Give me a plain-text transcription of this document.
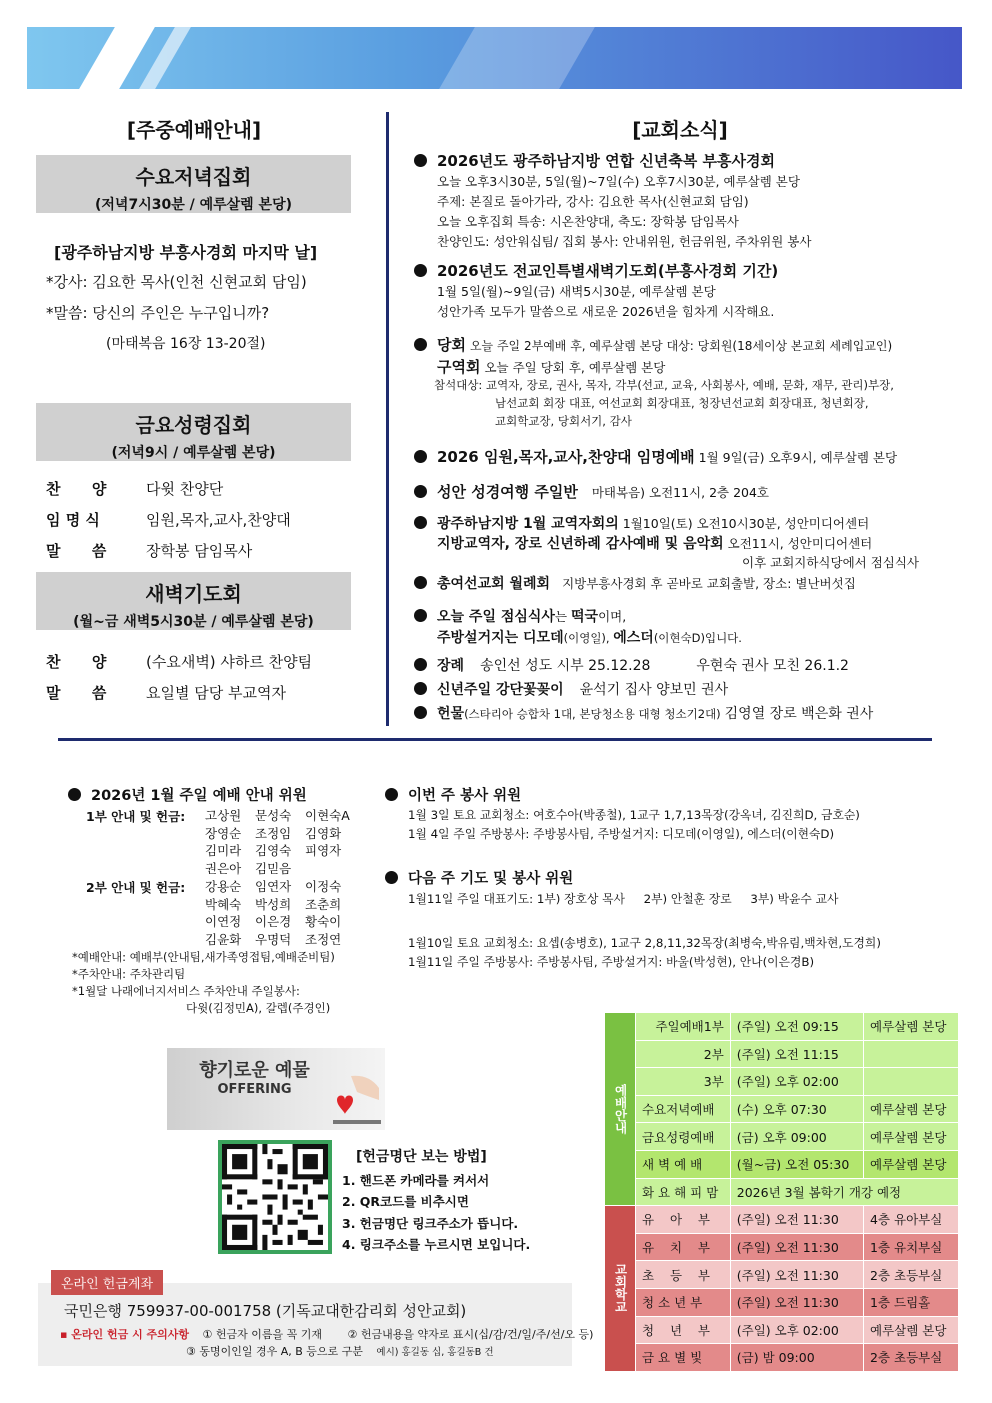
[주중예배안내]
수요저녁집회
(저녁7시30분 / 예루살렘 본당)
[광주하남지방 부흥사경회 마지막 날]
*강사: 김요한 목사(인천 신현교회 담임)
*말씀: 당신의 주인은 누구입니까?
(마태복음 16장 13-20절)
금요성령집회
(저녁9시 / 예루살렘 본당)
찬      양	다윗 찬양단
임 명 식	임원,목자,교사,찬양대
말      씀	장학봉 담임목사
새벽기도회
(월~금 새벽5시30분 / 예루살렘 본당)
찬      양	(수요새벽) 샤하르 찬양팀
말      씀	요일별 담당 부교역자
[교회소식]
2026년도 광주하남지방 연합 신년축복 부흥사경회
오늘 오후3시30분, 5일(월)~7일(수) 오후7시30분, 예루살렘 본당
주제: 본질로 돌아가라, 강사: 김요한 목사(신현교회 담임)
오늘 오후집회 특송: 시온찬양대, 축도: 장학봉 담임목사
찬양인도: 성안워십팀/ 집회 봉사: 안내위원, 헌금위원, 주차위원 봉사
2026년도 전교인특별새벽기도회(부흥사경회 기간)
1월 5일(월)~9일(금) 새벽5시30분, 예루살렘 본당
성안가족 모두가 말씀으로 새로운 2026년을 힘차게 시작해요.
당회 오늘 주일 2부예배 후, 예루살렘 본당 대상: 당회원(18세이상 본교회 세례입교인)
구역회 오늘 주일 당회 후, 예루살렘 본당
참석대상: 교역자, 장로, 권사, 목자, 각부(선교, 교육, 사회봉사, 예배, 문화, 재무, 관리)부장,
남선교회 회장 대표, 여선교회 회장대표, 청장년선교회 회장대표, 청년회장,
교회학교장, 당회서기, 감사
2026 임원,목자,교사,찬양대 임명예배 1월 9일(금) 오후9시, 예루살렘 본당
성안 성경여행 주일반 마태복음) 오전11시, 2층 204호
광주하남지방 1월 교역자회의 1월10일(토) 오전10시30분, 성안미디어센터
지방교역자, 장로 신년하례 감사예배 및 음악회 오전11시, 성안미디어센터
이후 교회지하식당에서 점심식사
총여선교회 월례회 지방부흥사경회 후 곧바로 교회출발, 장소: 별난버섯집
오늘 주일 점심식사는 떡국이며,
주방설거지는 디모데(이영일), 에스더(이현숙D)입니다.
장례 송인선 성도 시부 25.12.28	우현숙 권사 모친 26.1.2
신년주일 강단꽃꽂이 윤석기 집사 양보민 권사
헌물(스타리아 승합차 1대, 본당청소용 대형 청소기2대) 김영열 장로 백은화 권사
2026년 1월 주일 예배 안내 위원
1부 안내 및 헌금: 고상원 문성숙 이현숙A
장영순 조정임 김영화
김미라 김영숙 피영자
권은아 김믿음
2부 안내 및 헌금: 강용순 임연자 이정숙
박혜숙 박성희 조춘희
이연정 이은경 황숙이
김윤화 우명덕 조정연
*예배안내: 예배부(안내팀,새가족영접팀,예배준비팀)
*주차안내: 주차관리팀
*1월달 나래에너지서비스 주차안내 주일봉사:
다윗(김정민A), 갈렙(주경인)
이번 주 봉사 위원
1월 3일 토요 교회청소: 여호수아(박종철), 1교구 1,7,13목장(강옥녀, 김진희D, 금호순)
1월 4일 주일 주방봉사: 주방봉사팀, 주방설거지: 디모데(이영일), 에스더(이현숙D)
다음 주 기도 및 봉사 위원
1월11일 주일 대표기도: 1부) 장호상 목사     2부) 안철훈 장로     3부) 박윤수 교사
1월10일 토요 교회청소: 요셉(송병호), 1교구 2,8,11,32목장(최병숙,박유림,백차현,도경희)
1월11일 주일 주방봉사: 주방봉사팀, 주방설거지: 바울(박성현), 안나(이은경B)
향기로운 예물
OFFERING
[헌금명단 보는 방법]
1. 핸드폰 카메라를 켜서서
2. QR코드를 비추시면
3. 헌금명단 링크주소가 뜹니다.
4. 링크주소를 누르시면 보입니다.
온라인 헌금계좌
국민은행 759937-00-001758 (기독교대한감리회 성안교회)
▪ 온라인 헌금 시 주의사항 ① 헌금자 이름을 꼭 기재 ② 헌금내용을 약자로 표시(십/감/건/일/주/선/오 등)
③ 동명이인일 경우 A, B 등으로 구분 예시) 홍길동 십, 홍길동B 건
예배안내	주일예배1부	(주일) 오전 09:15	예루살렘 본당
	2부	(주일) 오전 11:15	
	3부	(주일) 오후 02:00	
	수요저녁예배	(수) 오후 07:30	예루살렘 본당
	금요성령예배	(금) 오후 09:00	예루살렘 본당
	새 벽 예 배	(월~금) 오전 05:30	예루살렘 본당
	화 요 해 피 맘	2026년 3월 봄학기 개강 예정	

교회학교	유    아    부	(주일) 오전 11:30	4층 유아부실
	유    치    부	(주일) 오전 11:30	1층 유치부실
	초    등    부	(주일) 오전 11:30	2층 초등부실
	청 소 년 부	(주일) 오전 11:30	1층 드림홀
	청    년    부	(주일) 오후 02:00	예루살렘 본당
	금 요 별 빛	(금) 밤 09:00	2층 초등부실
